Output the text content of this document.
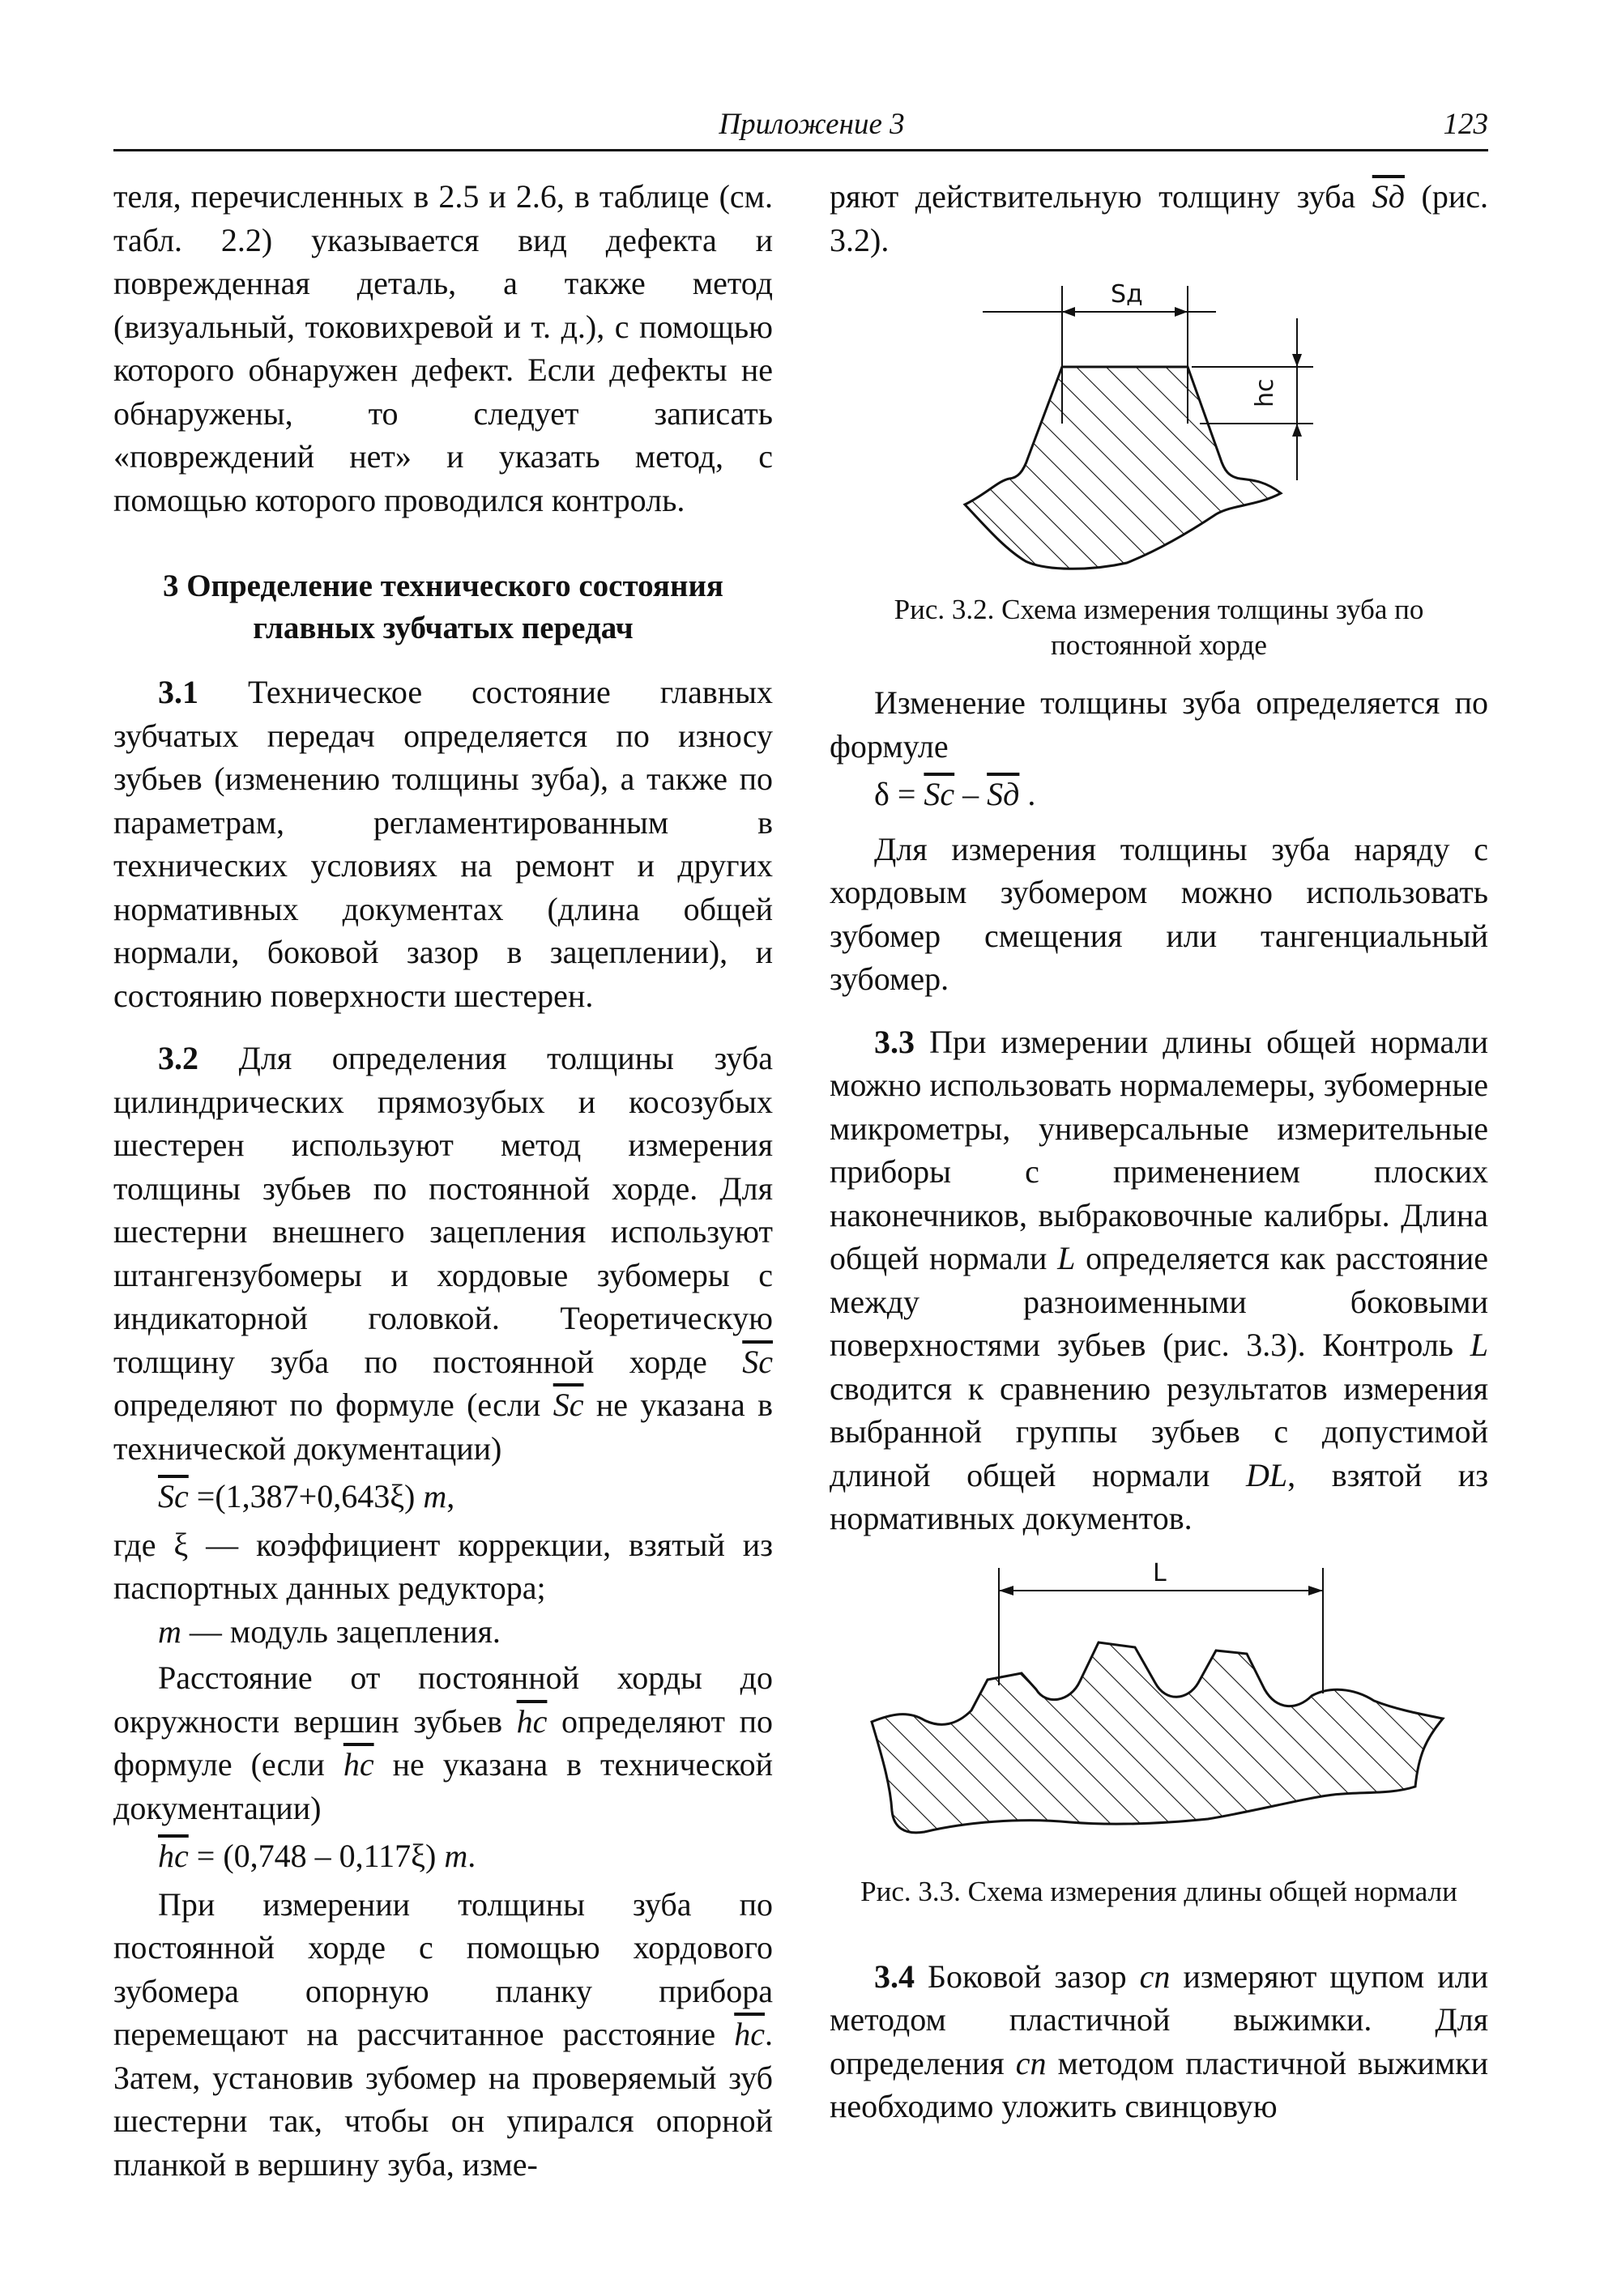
Приложение 3	123

теля, перечисленных в 2.5 и 2.6, в таблице (см. табл. 2.2) указывается вид дефекта и поврежденная деталь, а также метод (визуальный, токовихревой и т. д.), с помощью которого обнаружен дефект. Если дефекты не обнаружены, то следует записать «повреждений нет» и указать метод, с помощью которого проводился контроль.

3 Определение технического состояния главных зубчатых передач

3.1 Техническое состояние главных зубчатых передач определяется по износу зубьев (изменению толщины зуба), а также по параметрам, регламентированным в технических условиях на ремонт и других нормативных документах (длина общей нормали, боковой зазор в зацеплении), и состоянию поверхности шестерен.

3.2 Для определения толщины зуба цилиндрических прямозубых и косозубых шестерен используют метод измерения толщины зубьев по постоянной хорде. Для шестерни внешнего зацепления используют штангензубомеры и хордовые зубомеры с индикаторной головкой. Теоретическую толщину зуба по постоянной хорде $\overline{Sc}$ определяют по формуле (если $\overline{Sc}$ не указана в технической документации)

$\overline{Sc} =(1,387+0,643\xi)$ m,

где ξ — коэффициент коррекции, взятый из паспортных данных редуктора;

m — модуль зацепления.

Расстояние от постоянной хорды до окружности вершин зубьев $\overline{hc}$ определяют по формуле (если $\overline{hc}$ не указана в технической документации)

$\overline{hc} = (0,748 - 0,117\xi)$ m.

При измерении толщины зуба по постоянной хорде с помощью хордового зубомера опорную планку прибора перемещают на рассчитанное расстояние $\overline{hc}$. Затем, установив зубомер на проверяемый зуб шестерни так, чтобы он упирался опорной планкой в вершину зуба, изме-

ряют действительную толщину зуба Sд (рис. 3.2).

Sд
hc
Рис. 3.2. Схема измерения толщины зуба по постоянной хорде

Изменение толщины зуба определяется по формуле

$\delta = \overline{Sc}$ – Sд .

Для измерения толщины зуба наряду с хордовым зубомером можно использовать зубомер смещения или тангенциальный зубомер.

3.3 При измерении длины общей нормали можно использовать нормалемеры, зубомерные микрометры, универсальные измерительные приборы с применением плоских наконечников, выбраковочные калибры. Длина общей нормали L определяется как расстояние между разноименными боковыми поверхностями зубьев (рис. 3.3). Контроль L сводится к сравнению результатов измерения выбранной группы зубьев с допустимой длиной общей нормали DL, взятой из нормативных документов.

L
Рис. 3.3. Схема измерения длины общей нормали

3.4 Боковой зазор cп измеряют щупом или методом пластичной выжимки. Для определения cп методом пластичной выжимки необходимо уложить свинцовую
